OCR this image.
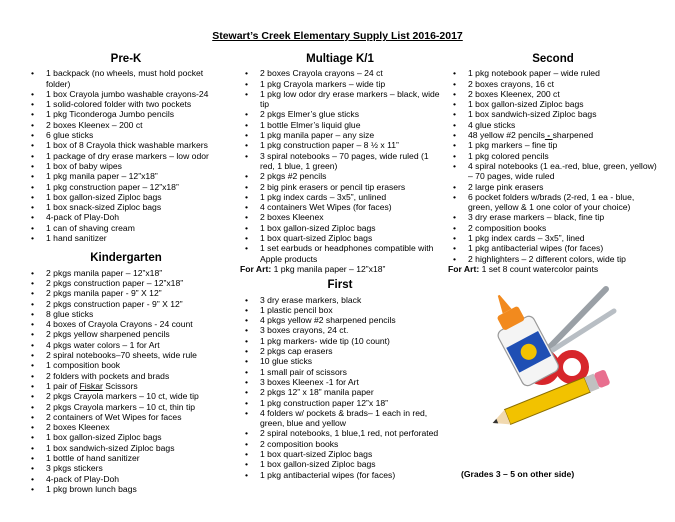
Stewart’s Creek Elementary Supply List 2016-2017
Pre-K
• 1 backpack (no wheels, must hold pocket folder)
• 1 box Crayola jumbo washable crayons-24
• 1 solid-colored folder with two pockets
• 1 pkg Ticonderoga Jumbo pencils
• 2 boxes Kleenex – 200 ct
• 6 glue sticks
• 1 box of 8 Crayola thick washable markers
• 1 package of dry erase markers – low odor
• 1 box of baby wipes
• 1 pkg manila paper – 12”x18”
• 1 pkg construction paper – 12”x18”
• 1 box gallon-sized Ziploc bags
• 1 box snack-sized Ziploc bags
• 4-pack of Play-Doh
• 1 can of shaving cream
• 1 hand sanitizer
Kindergarten
• 2 pkgs manila paper – 12”x18”
• 2 pkgs construction paper – 12”x18”
• 2 pkgs manila paper - 9” X 12”
• 2 pkgs construction paper - 9” X 12”
• 8 glue sticks
• 4 boxes of Crayola Crayons - 24 count
• 2 pkgs yellow sharpened pencils
• 4 pkgs water colors – 1 for Art
• 2 spiral notebooks–70 sheets, wide rule
• 1 composition book
• 2 folders with pockets and brads
• 1 pair of Fiskar Scissors
• 2 pkgs Crayola markers – 10 ct, wide tip
• 2 pkgs Crayola markers – 10 ct, thin tip
• 2 containers of Wet Wipes for faces
• 2 boxes Kleenex
• 1 box gallon-sized Ziploc bags
• 1 box sandwich-sized Ziploc bags
• 1 bottle of hand sanitizer
• 3 pkgs stickers
• 4-pack of Play-Doh
• 1 pkg brown lunch bags
Multiage K/1
• 2 boxes Crayola crayons – 24 ct
• 1 pkg Crayola markers – wide tip
• 1 pkg low odor dry erase markers – black, wide tip
• 2 pkgs Elmer’s glue sticks
• 1 bottle Elmer’s liquid glue
• 1 pkg manila paper – any size
• 1 pkg construction paper – 8 ½ x 11”
• 3 spiral notebooks – 70 pages, wide ruled (1 red, 1 blue, 1 green)
• 2 pkgs #2 pencils
• 2 big pink erasers or pencil tip erasers
• 1 pkg index cards – 3x5”, unlined
• 4 containers Wet Wipes (for faces)
• 2 boxes Kleenex
• 1 box gallon-sized Ziploc bags
• 1 box quart-sized Ziploc bags
• 1 set earbuds or headphones compatible with Apple products
For Art: 1 pkg manila paper – 12”x18”
First
• 3 dry erase markers, black
• 1 plastic pencil box
• 4 pkgs yellow #2 sharpened pencils
• 3 boxes crayons, 24 ct.
• 1 pkg markers- wide tip (10 count)
• 2 pkgs cap erasers
• 10 glue sticks
• 1 small pair of scissors
• 3 boxes Kleenex -1 for Art
• 2 pkgs 12” x 18” manila paper
• 1 pkg construction paper 12”x 18”
• 4 folders w/ pockets & brads– 1 each in red, green, blue and yellow
• 2 spiral notebooks, 1 blue,1 red, not perforated
• 2 composition books
• 1 box quart-sized Ziploc bags
• 1 box gallon-sized Ziploc bags
• 1 pkg antibacterial wipes (for faces)
Second
• 1 pkg notebook paper – wide ruled
• 2 boxes crayons, 16 ct
• 2 boxes Kleenex, 200 ct
• 1 box gallon-sized Ziploc bags
• 1 box sandwich-sized Ziploc bags
• 4 glue sticks
• 48 yellow #2 pencils - sharpened
• 1 pkg markers – fine tip
• 1 pkg colored pencils
• 4 spiral notebooks (1 ea.-red, blue, green, yellow) – 70 pages, wide ruled
• 2 large pink erasers
• 6 pocket folders w/brads (2-red, 1 ea - blue, green, yellow & 1 one color of your choice)
• 3 dry erase markers – black, fine tip
• 2 composition books
• 1 pkg index cards – 3x5”, lined
• 1 pkg antibacterial wipes (for faces)
• 2 highlighters – 2 different colors, wide tip
For Art: 1 set 8 count watercolor paints
(Grades 3 – 5 on other side)
